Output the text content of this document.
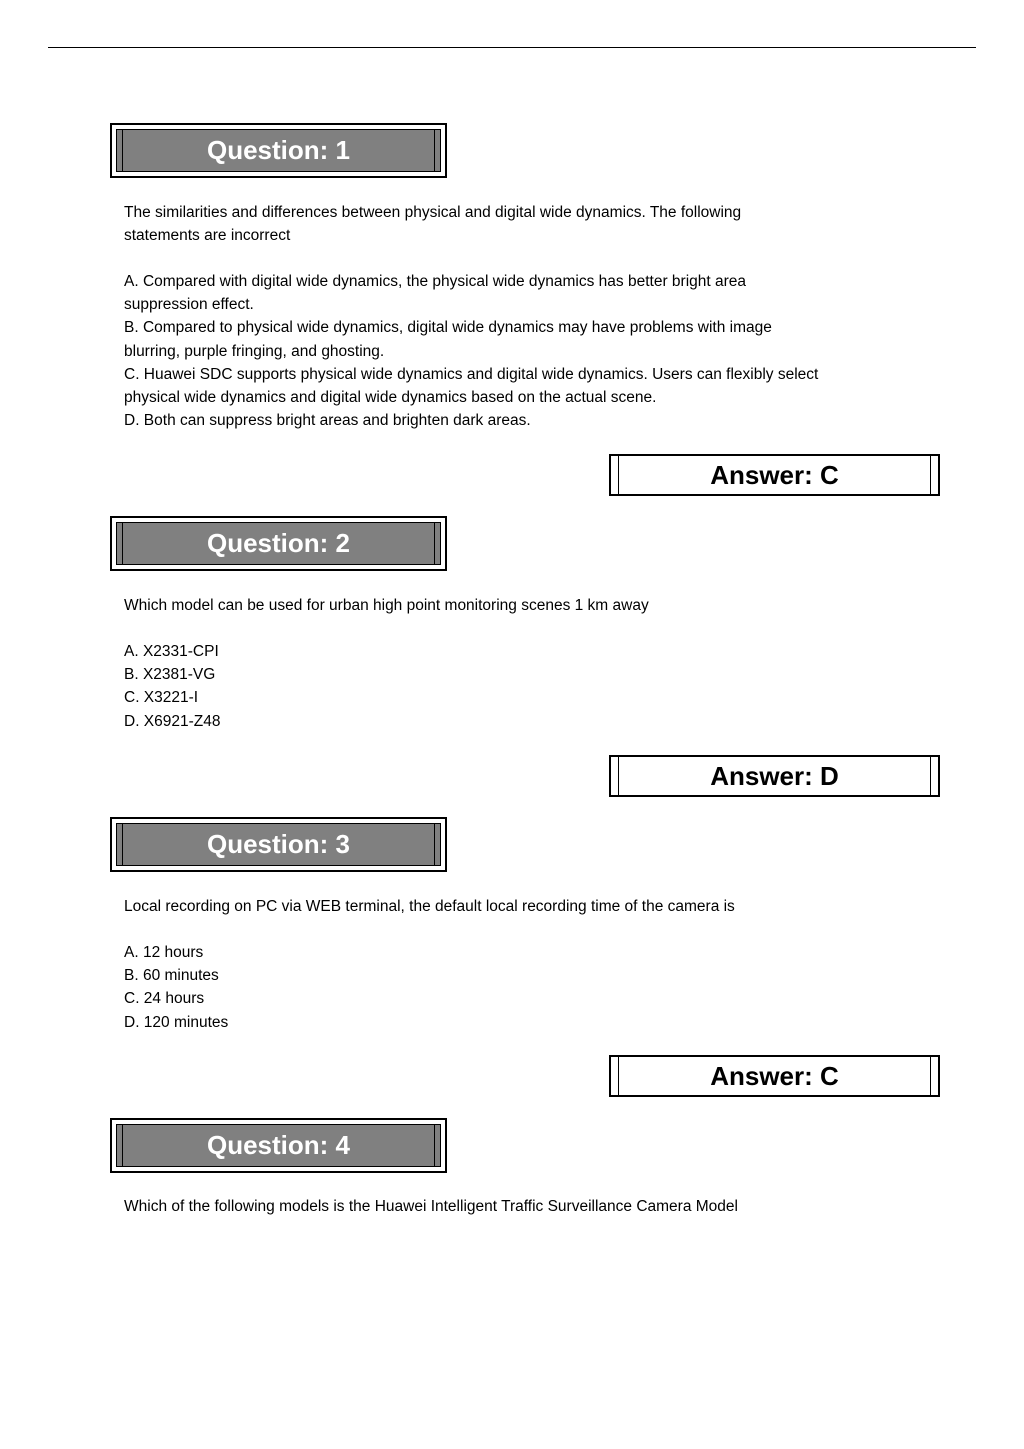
Question: 1

The similarities and differences between physical and digital wide dynamics. The following

statements are incorrect

A. Compared with digital wide dynamics, the physical wide dynamics has better bright area
suppression effect.
B. Compared to physical wide dynamics, digital wide dynamics may have problems with image
blurring, purple fringing, and ghosting.
C. Huawei SDC supports physical wide dynamics and digital wide dynamics. Users can flexibly select
physical wide dynamics and digital wide dynamics based on the actual scene.
D. Both can suppress bright areas and brighten dark areas.
Answer: C
Question: 2

Which model can be used for urban high point monitoring scenes 1 km away

A. X2331-CPI
B. X2381-VG
C. X3221-I
D. X6921-Z48
Answer: D
Question: 3

Local recording on PC via WEB terminal, the default local recording time of the camera is

A. 12 hours
B. 60 minutes
C. 24 hours
D. 120 minutes
Answer: C
Question: 4

Which of the following models is the Huawei Intelligent Traffic Surveillance Camera Model
